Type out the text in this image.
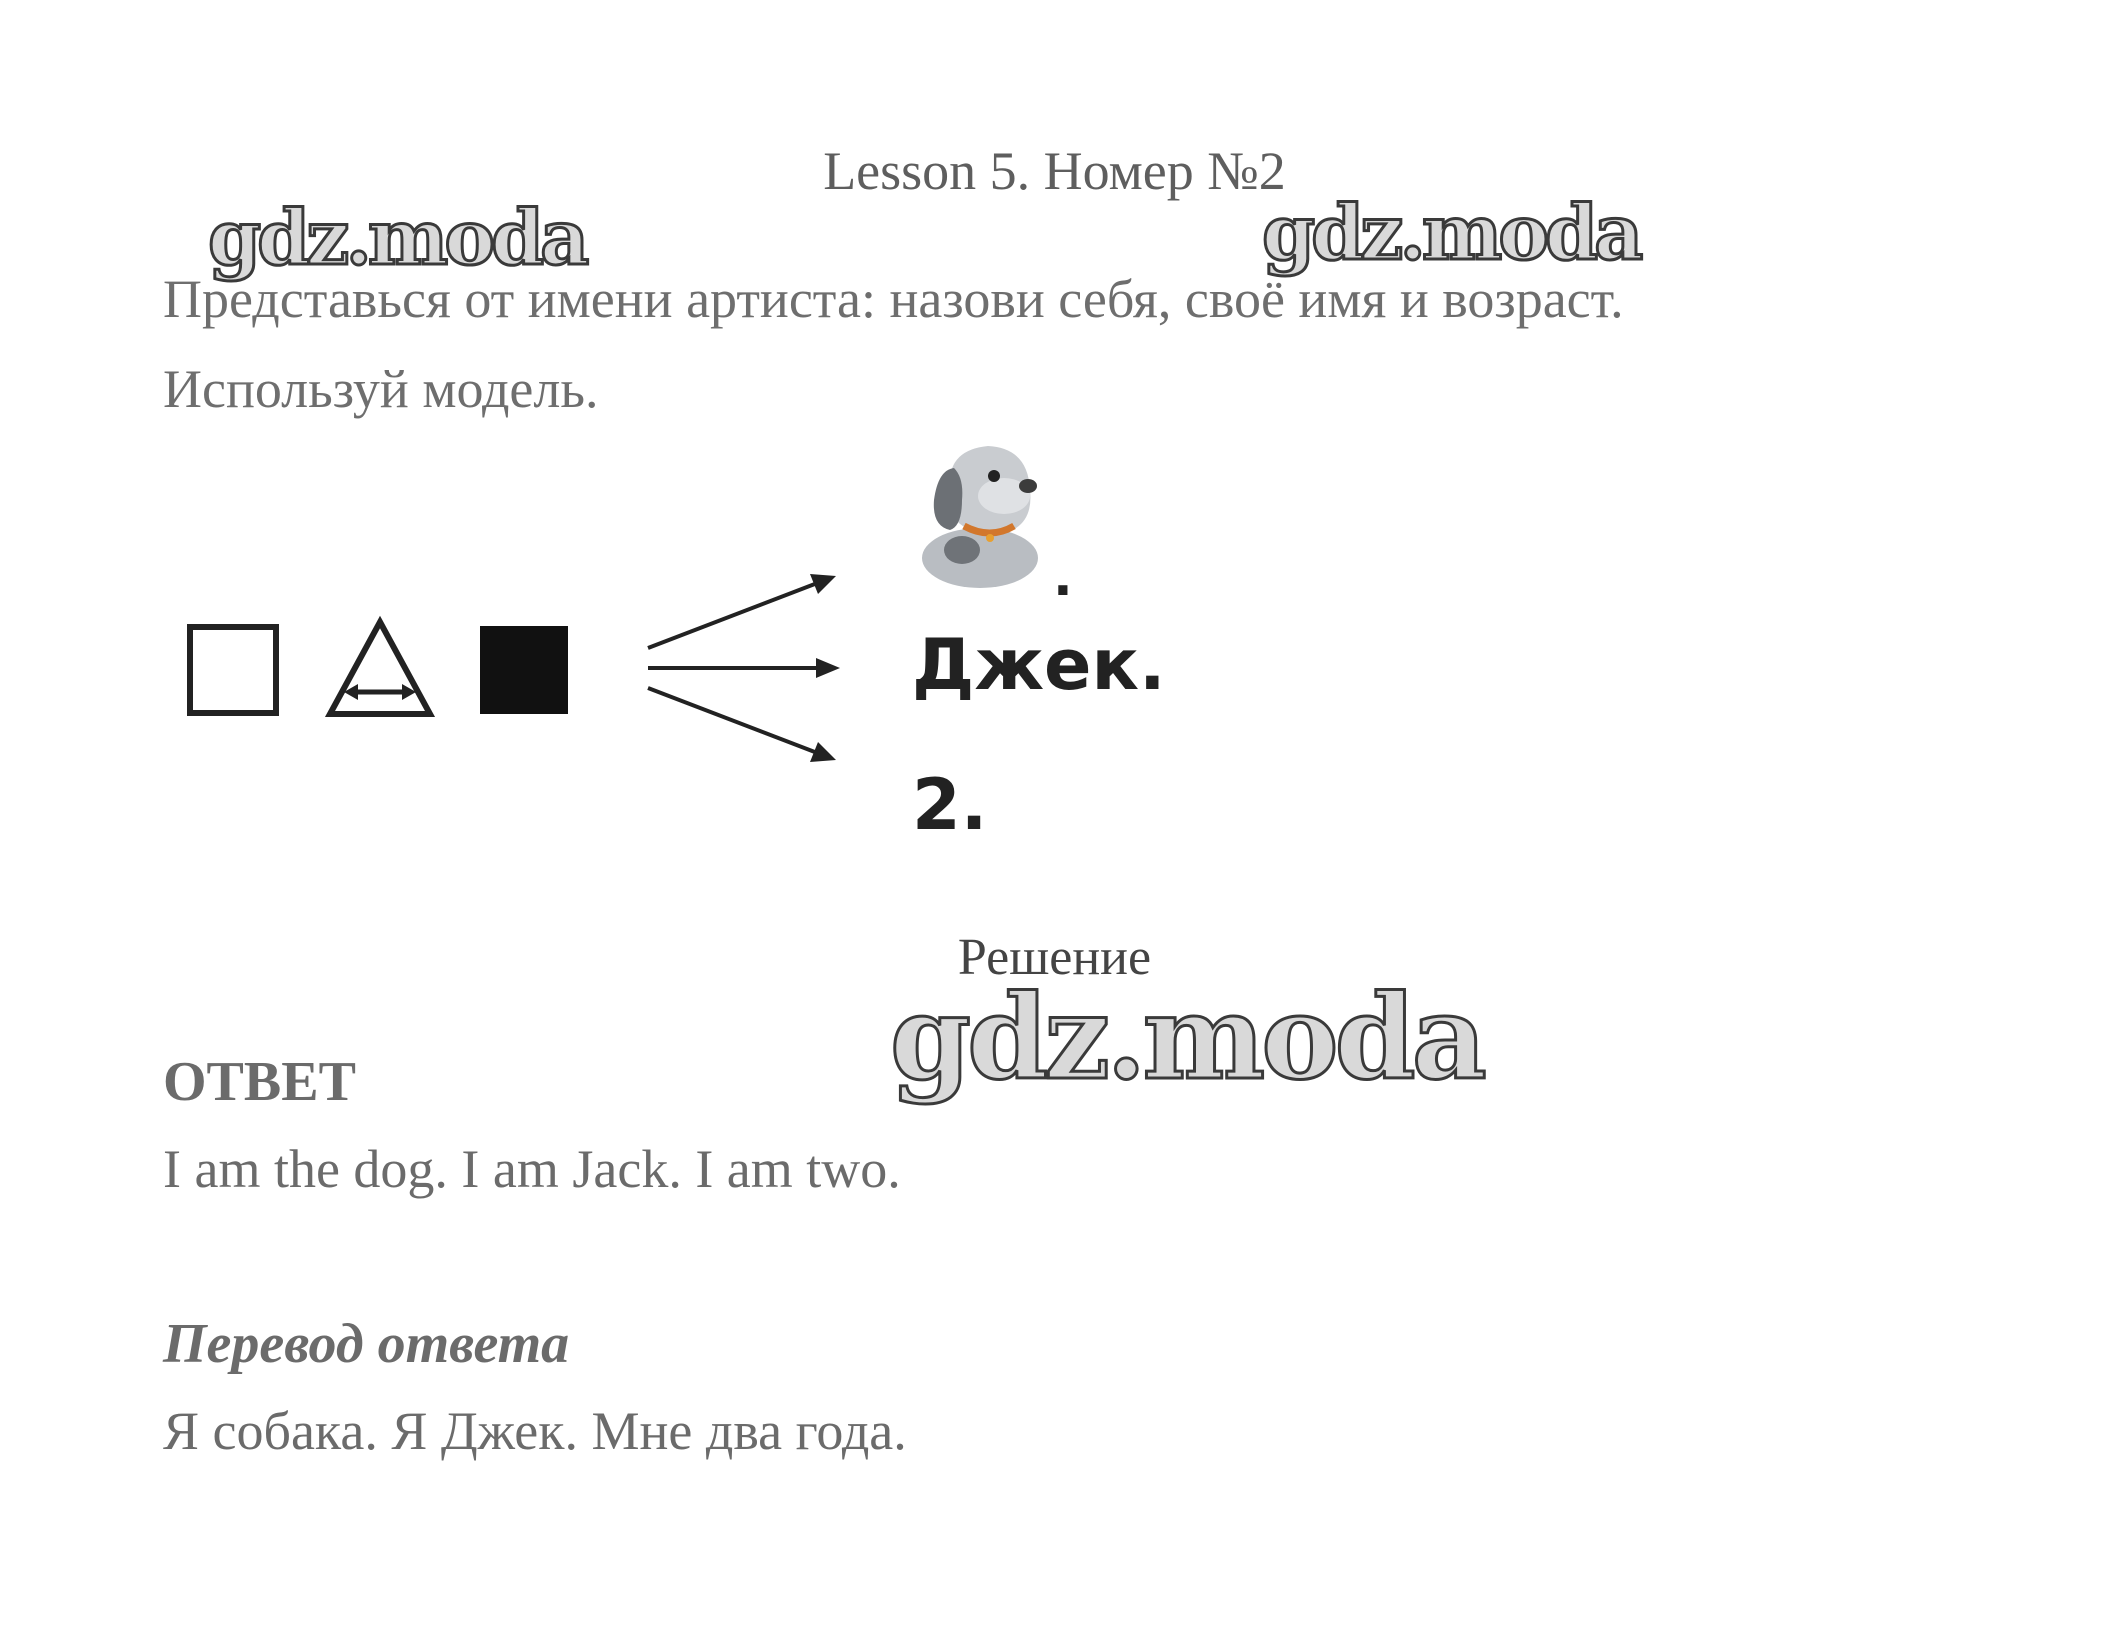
Lesson 5. Номер №2
gdz.moda	gdz.moda
Представься от имени артиста: назови себя, своё имя и возраст.
Используй модель.
.
Джек.
2.
Решение
gdz.moda
ОТВЕТ
I am the dog. I am Jack. I am two.
Перевод ответа
Я собака. Я Джек. Мне два года.
